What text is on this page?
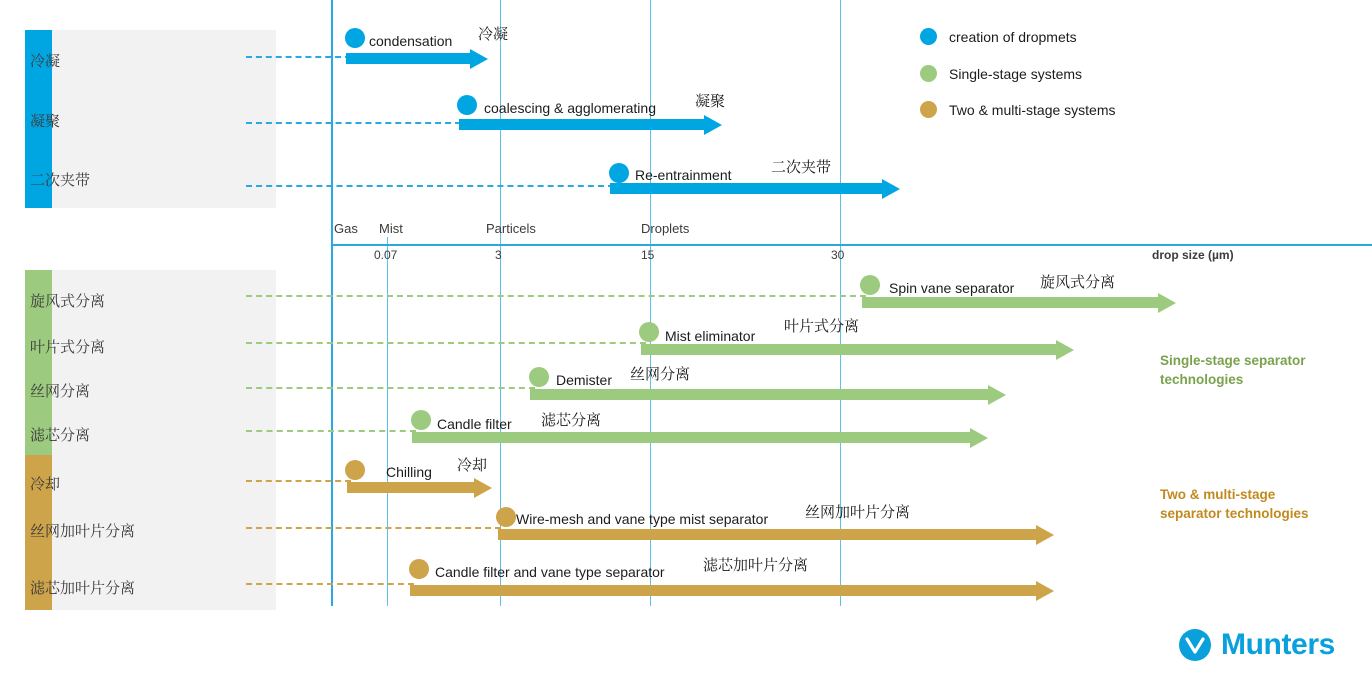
冷凝
凝聚
二次夹带
旋风式分离
叶片式分离
丝网分离
滤芯分离
冷却
丝网加叶片分离
滤芯加叶片分离
Gas Mist	Particels	Droplets
0.07	3	15	30	drop size (µm)
creation of dropmets
Single-stage systems
Two & multi-stage systems
condensation 冷凝
coalescing & agglomerating	凝聚
Re-entrainment	二次夹带
Spin vane separator 旋风式分离
Mist eliminator
叶片式分离
Demister 丝网分离
Candle filter 滤芯分离
Single-stage separator
technologies
Chilling 冷却
Wire-mesh and vane type mist separator 丝网加叶片分离
Candle filter and vane type separator	滤芯加叶片分离
Two & multi-stage
separator technologies
Munters
